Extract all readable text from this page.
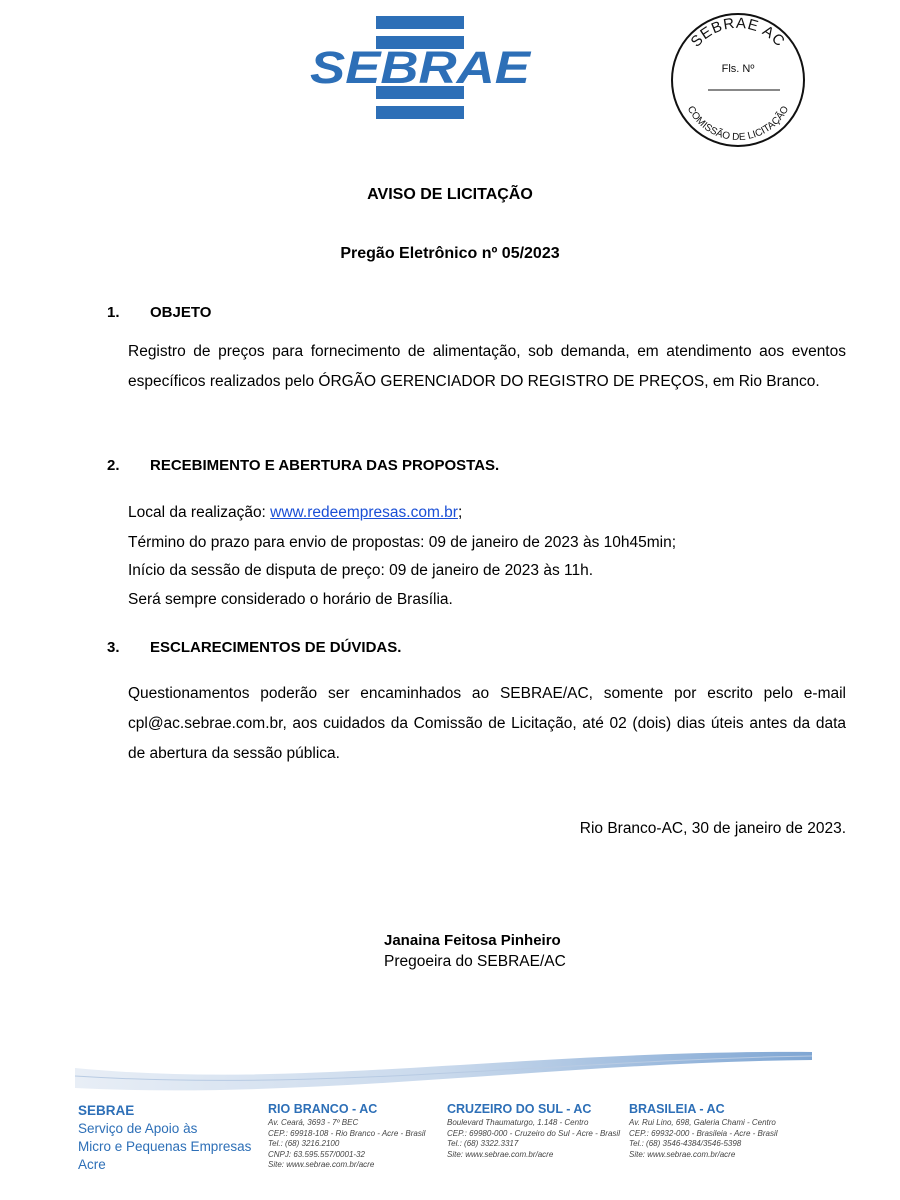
SEBRAE
SEBRAE AC
Fls. Nº
COMISSÃO DE LICITAÇÃO
AVISO DE LICITAÇÃO
Pregão Eletrônico nº 05/2023
1. OBJETO
Registro de preços para fornecimento de alimentação, sob demanda, em atendimento aos eventos específicos realizados pelo ÓRGÃO GERENCIADOR DO REGISTRO DE PREÇOS, em Rio Branco.
2. RECEBIMENTO E ABERTURA DAS PROPOSTAS.
Local da realização: www.redeempresas.com.br;
Término do prazo para envio de propostas: 09 de janeiro de 2023 às 10h45min;
Início da sessão de disputa de preço: 09 de janeiro de 2023 às 11h.
Será sempre considerado o horário de Brasília.
3. ESCLARECIMENTOS DE DÚVIDAS.
Questionamentos poderão ser encaminhados ao SEBRAE/AC, somente por escrito pelo e-mail cpl@ac.sebrae.com.br, aos cuidados da Comissão de Licitação, até 02 (dois) dias úteis antes da data de abertura da sessão pública.
Rio Branco-AC, 30 de janeiro de 2023.
Janaina Feitosa Pinheiro
Pregoeira do SEBRAE/AC
SEBRAE
Serviço de Apoio às
Micro e Pequenas Empresas
Acre
RIO BRANCO - AC
Av. Ceará, 3693 - 7º BEC
CEP.: 69918-108 - Rio Branco - Acre - Brasil
Tel.: (68) 3216.2100
CNPJ: 63.595.557/0001-32
Site: www.sebrae.com.br/acre
CRUZEIRO DO SUL - AC
Boulevard Thaumaturgo, 1.148 - Centro
CEP.: 69980-000 - Cruzeiro do Sul - Acre - Brasil
Tel.: (68) 3322.3317
Site: www.sebrae.com.br/acre
BRASILEIA - AC
Av. Rui Lino, 698, Galeria Chami - Centro
CEP.: 69932-000 - Brasileia - Acre - Brasil
Tel.: (68) 3546-4384/3546-5398
Site: www.sebrae.com.br/acre
